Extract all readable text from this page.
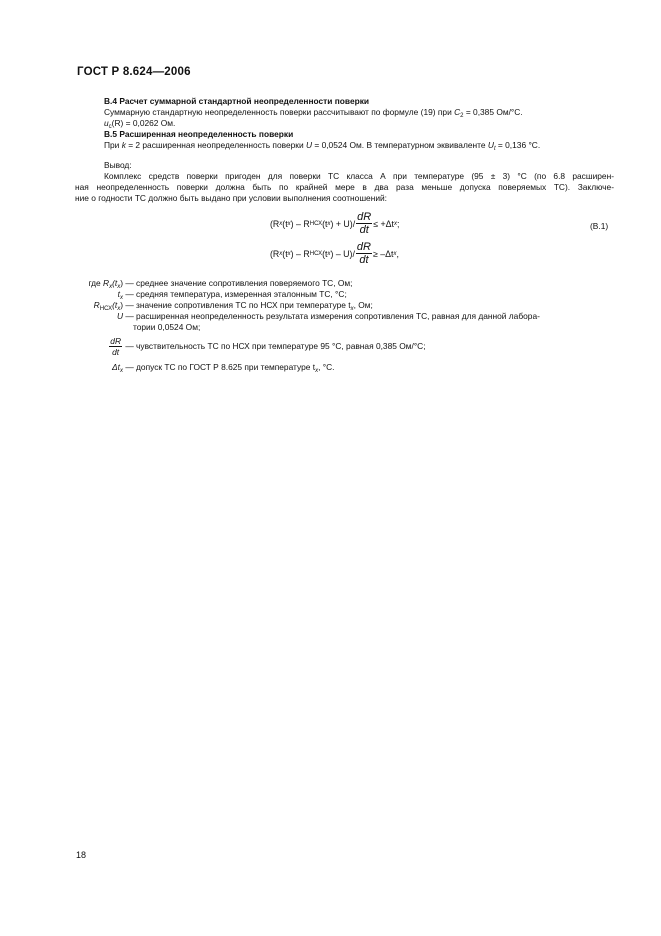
ГОСТ Р 8.624—2006
В.4 Расчет суммарной стандартной неопределенности поверки
Суммарную стандартную неопределенность поверки рассчитывают по формуле (19) при $C_2 = 0,385$ Ом/°С.
$u_c(R) = 0,0262$ Ом.
В.5 Расширенная неопределенность поверки
При k = 2 расширенная неопределенность поверки U = 0,0524 Ом. В температурном эквиваленте $U_t = 0,136$ °С.
Вывод:
Комплекс средств поверки пригоден для поверки ТС класса А при температуре (95 ± 3) °С (по 6.8 расширен-
ная неопределенность поверки должна быть по крайней мере в два раза меньше допуска поверяемых ТС). Заключе-
ние о годности ТС должно быть выдано при условии выполнения соотношений:
(R x (t x ) – R НСХ (t x ) + $U)/ \frac{dR}{dt} \le +\Delta t$ x ;	(В.1)
(R x (t x ) – R НСХ (t x ) – $U)/ \frac{dR}{dt} \ge -\Delta t$ x ,
где $R_x(t_x)$ — среднее значение сопротивления поверяемого ТС, Ом;
$t_x$ — средняя температура, измеренная эталонным ТС, °С;
$R_{НСХ}(t_x)$ — значение сопротивления ТС по НСХ при температуре $t_x$, Ом;
U — расширенная неопределенность результата измерения сопротивления ТС, равная для данной лабора-
тории 0,0524 Ом;
$\frac{dR}{dt}$ — чувствительность ТС по НСХ при температуре 95 °С, равная 0,385 Ом/°С;
$\Delta t_x$ — допуск ТС по ГОСТ Р 8.625 при температуре $t_x$, °С.
18
